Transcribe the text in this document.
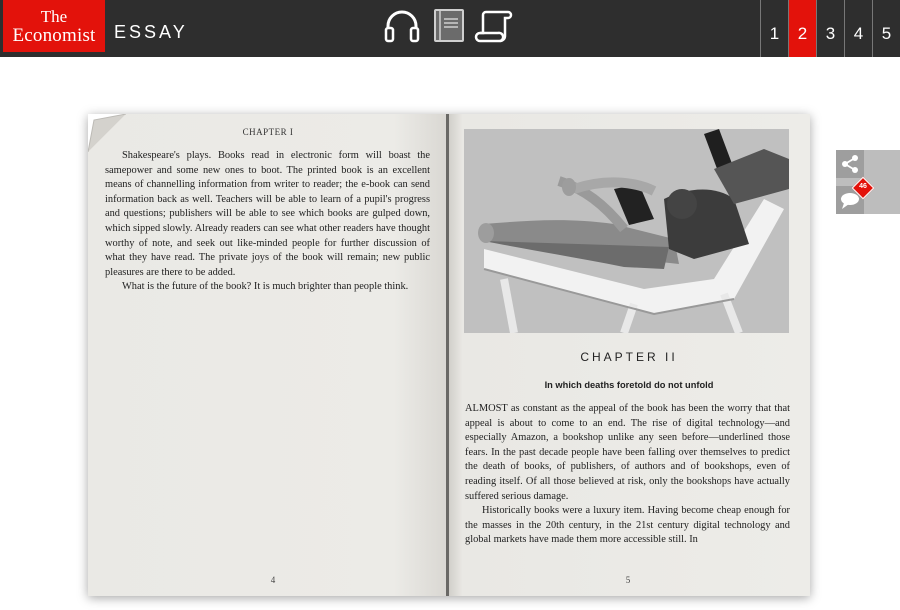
The
Economist	ESSAY	1	2	3	4	5
CHAPTER I

Shakespeare's plays. Books read in electronic form will boast the samepower and some new ones to boot. The printed book is an excellent means of channelling information from writer to reader; the e-book can send information back as well. Teachers will be able to learn of a pupil's progress and questions; publishers will be able to see which books are gulped down, which sipped slowly. Already readers can see what other readers have thought worthy of note, and seek out like-minded people for further discussion of what they have read. The private joys of the book will remain; new public pleasures are there to be added.

What is the future of the book? It is much brighter than people think.

4
CHAPTER II
In which deaths foretold do not unfold

ALMOST as constant as the appeal of the book has been the worry that that appeal is about to come to an end. The rise of digital technology—and especially Amazon, a bookshop unlike any seen before—underlined those fears. In the past decade people have been falling over themselves to predict the death of books, of publishers, of authors and of bookshops, even of reading itself. Of all those believed at risk, only the bookshops have actually suffered serious damage.

Historically books were a luxury item. Having become cheap enough for the masses in the 20th century, in the 21st century digital technology and global markets have made them more accessible still. In

5
46
